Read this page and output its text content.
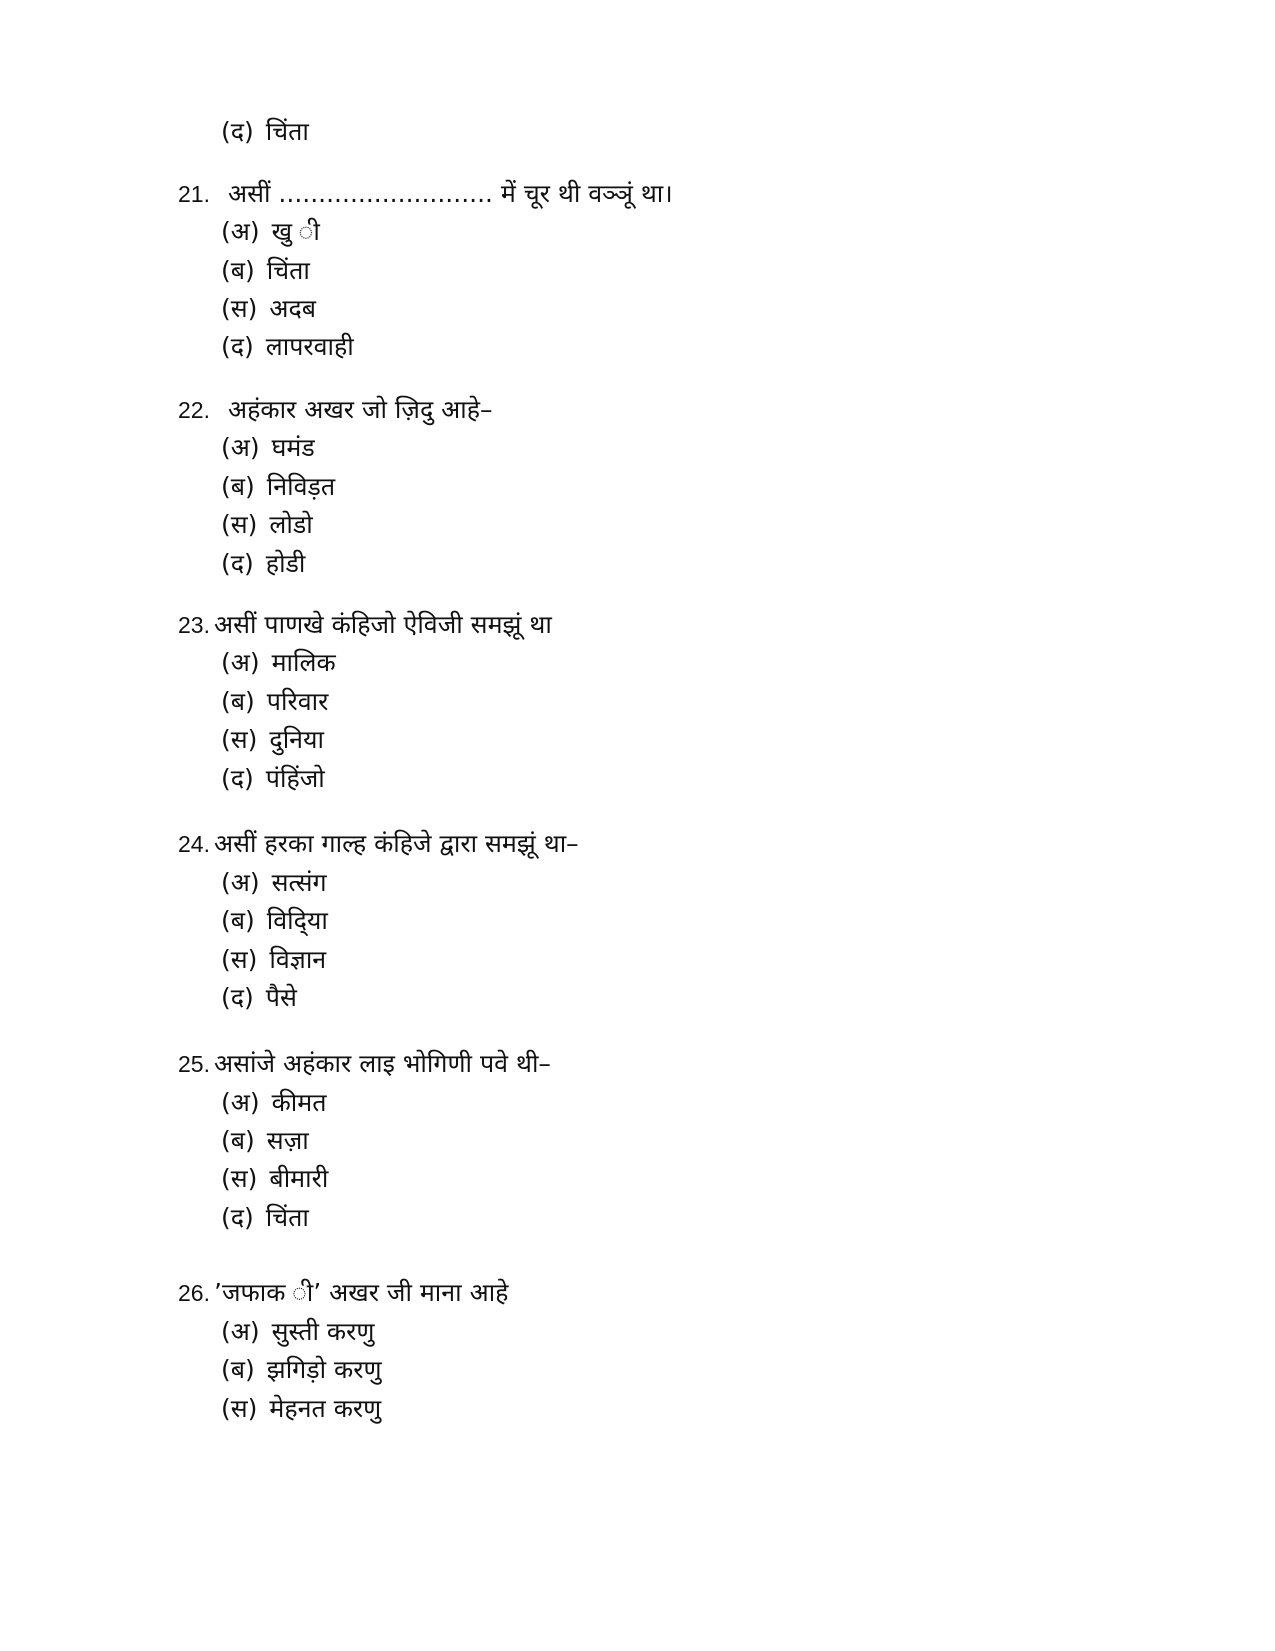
(द) चिंता
21. असीं ........................... में चूर थी वञ्ञूं था।
(अ) खु ी
(ब) चिंता
(स) अदब
(द) लापरवाही
22. अहंकार अखर जो ज़िदु आहे–
(अ) घमंड
(ब) निविड़त
(स) लोडो
(द) होडी
23. असीं पाणखे कंहिजो ऐविजी समझूं था
(अ) मालिक
(ब) परिवार
(स) दुनिया
(द) पंहिंजो
24. असीं हरका गाल्ह कंहिजे द्वारा समझूं था–
(अ) सत्संग
(ब) विदि्या
(स) विज्ञान
(द) पैसे
25. असांजे अहंकार लाइ भोगिणी पवे थी–
(अ) कीमत
(ब) सज़ा
(स) बीमारी
(द) चिंता
26. ’जफाक ी’ अखर जी माना आहे
(अ) सुस्ती करणु
(ब) झगिड़ो करणु
(स) मेहनत करणु
